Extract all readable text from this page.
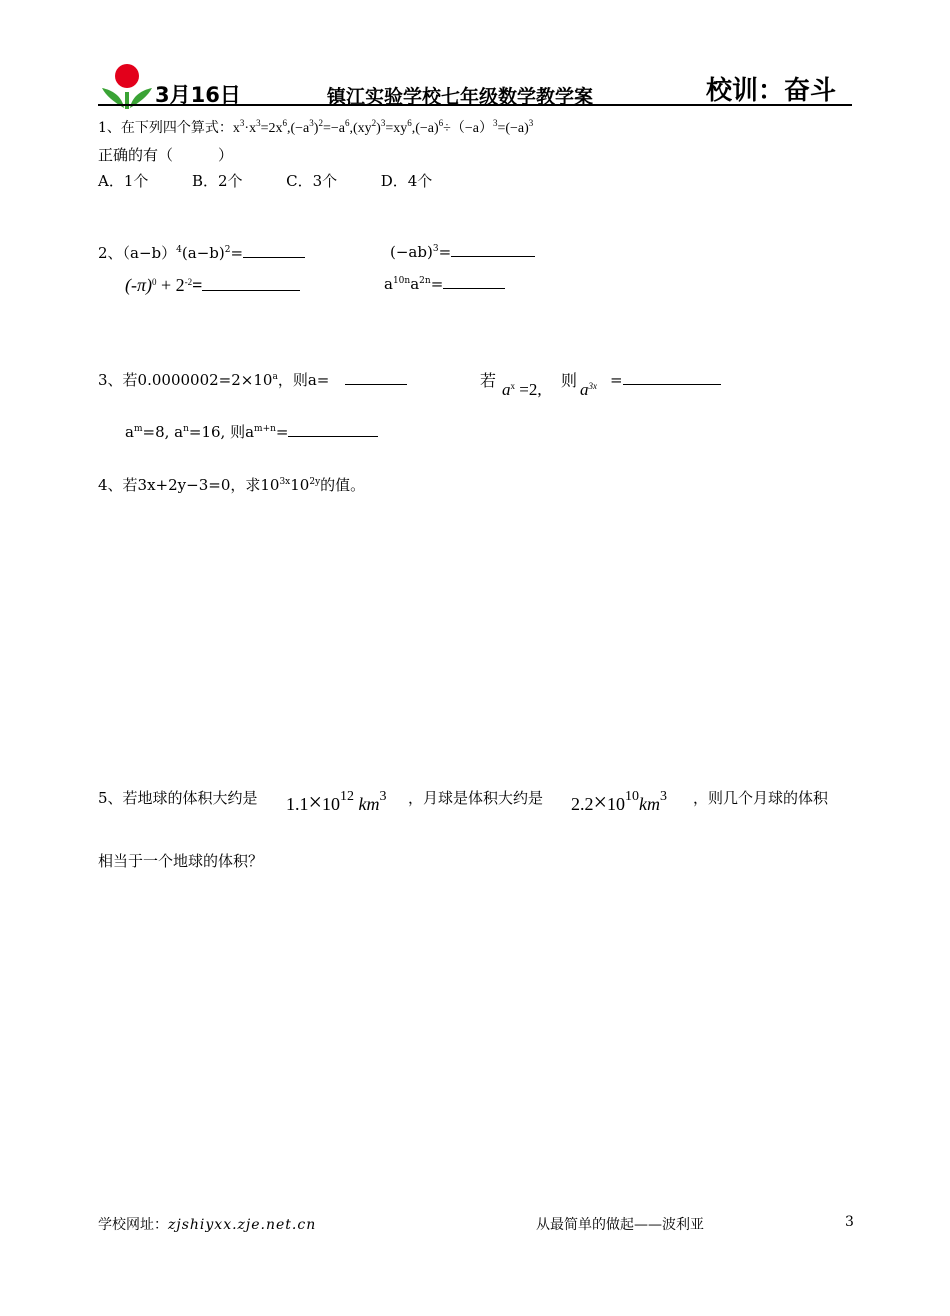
3月16日	镇江实验学校七年级数学教学案	校训：奋斗
1、在下列四个算式：$x^3\cdot x^3=2x^6,(-a^3)^2=-a^6,(xy^2)^3=xy^6,(-a)^6\div(-a)^3=(-a)^3$
正确的有（　　　）
A．1个	B．2个	C．3个	D．4个
2、$(a-b)^4(a-b)^2=$	$(-ab)^3=$
$(-\pi)^0 + 2^{-2}=$	$a^{10n}a^{2n}=$
3、若$0.0000002=2\times 10^a$，则a=	若 $a^x =2$, 则 $a^{3x}$ =
$a^m=8$, $a^n=16$, 则$a^{m+n}=$
4、若3x+2y−3=0，求$10^{3x}10^{2y}$的值。
5、若地球的体积大约是 $1.1\times 10^{12}$ $km^3$ ，月球是体积大约是 $2.2\times 10^{10}km^3$ ，则几个月球的体积
相当于一个地球的体积？
学校网址：zjshiyxx.zje.net.cn	从最简单的做起——波利亚	3
